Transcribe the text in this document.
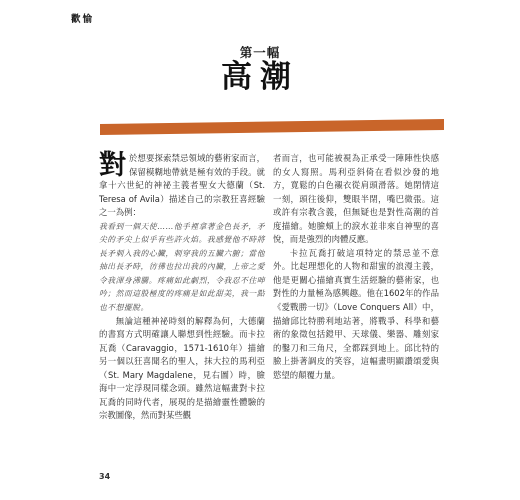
歡愉
第一幅
高潮

對於想要探索禁忌領域的藝術家而言，保留模糊地帶就是極有效的手段。就拿十六世紀的神祕主義者聖女大德蘭（St. Teresa of Avila）描述自己的宗教狂喜經驗之一為例：

我看到一個天使……他手裡拿著金色長矛，矛尖的矛尖上似乎有些許火焰。我感覺他不時將長矛刺入我的心臟，刺穿我的五臟六腑；當他抽出長矛時，彷彿也拉出我的內臟，上帝之愛令我渾身沸騰。疼痛如此劇烈，令我忍不住呻吟；然而這股極度的疼痛是如此甜美，我一點也不想擺脫。

無論這種神祕時刻的解釋為何，大德蘭的書寫方式明確讓人聯想到性經驗。而卡拉瓦喬（Caravaggio，1571-1610年）描繪另一個以狂喜聞名的聖人，抹大拉的馬利亞（St. Mary Magdalene，見右圖）時，臉海中一定浮現同樣念頭。雖然這幅畫對卡拉瓦喬的同時代者，展現的是描繪靈性體驗的宗教圖像，然而對某些觀

者而言，也可能被視為正承受一陣陣性快感的女人寫照。馬利亞斜倚在看似沙發的地方，寬鬆的白色襯衣從肩頭滑落。她閉情這一刻，頭往後仰，雙眼半閉，嘴巴微張。這或許有宗教含義，但無疑也是對性高潮的首度描繪。她臉頰上的淚水並非來自神聖的喜悅，而是強烈的肉體反應。

卡拉瓦喬打破這項特定的禁忌並不意外。比起理想化的人物和甜蜜的浪漫主義，他是更關心描繪真實生活經驗的藝術家，也對性的力量極為感興趣。他在1602年的作品《愛戰勝一切》（Love Conquers All）中，描繪邱比特勝利地站著，將戰爭、科學和藝術的象徵包括鎧甲、天球儀、樂器、雕刻家的鑿刀和三角尺，全都踩到地上。邱比特的臉上掛著調皮的笑容，這幅畫明顯讚頌愛與慾望的顛覆力量。

34
